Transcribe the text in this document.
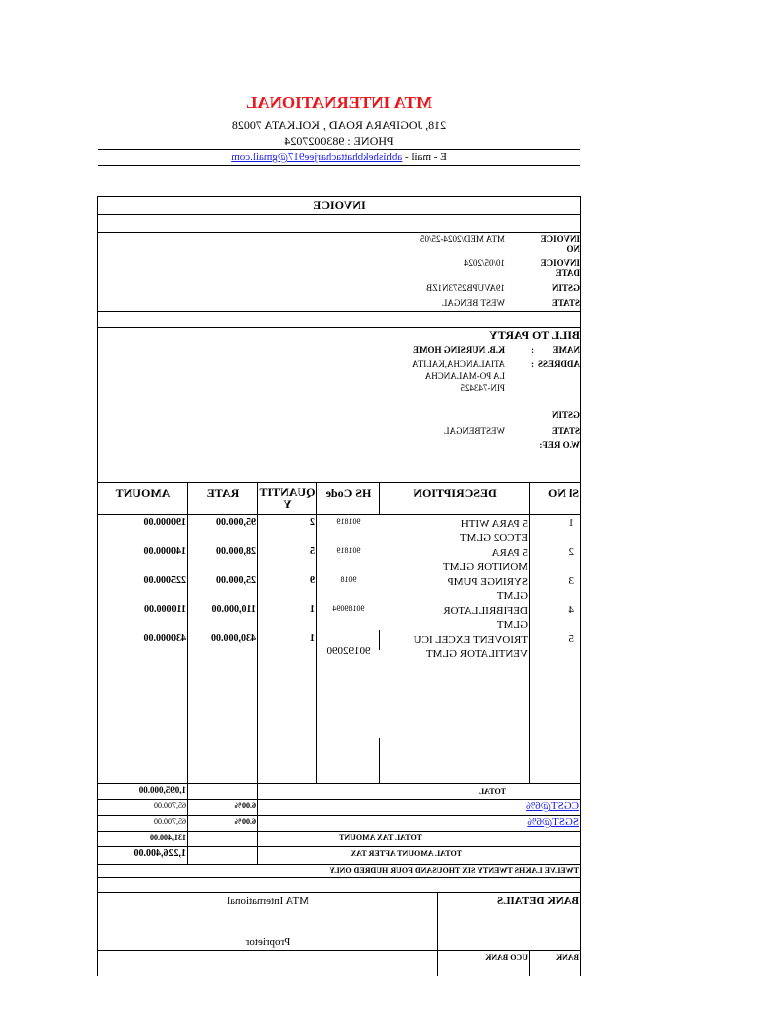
MTA INTERNATIONAL
218, JOGIPARA ROAD , KOLKATA 70028
PHONE : 9830027024
E - mail - abhishekbhattacharjee917@gmail.com
INVOICE
INVOICE
NO
MTA MED/2024-25/05
INVOICE
DATE
10/05/2024
GSTIN
19AVUPB2573N1ZB
STATE
WEST BENGAL
BILL TO PARTY
NAME
:
K.B. NURSING HOME
ADDRESS
:
ATIALANCHA,KALITA
LA PO-MALANCHA
PIN-743425
GSTIN
STATE
WESTBENGAL
W.O REF:
Sl NO
DESCRIPTION
HS Code
QUANTIT
Y
RATE
AMOUNT
1
5 PARA WITH
ETCO2 GLMT
901819
2
95,000.00
190000.00
2
5 PARA
MONITOR GLMT
901819
5
28,000.00
140000.00
3
SYRINGE PUMP
GLMT
9018
9
25,000.00
225000.00
4
DEFIBRILLATOR
GLMT
90189094
1
110,000.00
110000.00
5
TRIOVENT EXCEL ICU
VENTILATOR GLMT
90192090
1
430,000.00
430000.00
TOTAL
1,095,000.00
CGST@6%
6.00%
65,700.00
SGST@6%
6.00%
65,700.00
TOTAL TAX AMOUNT
131,400.00
TOTAL AMOUNT AFTER TAX
1,226,400.00
TWELVE LAKHS TWENTY SIX THOUSAND FOUR HUDRED ONLY
BANK DETAILS
MTA International
Proprietor
BANK
UCO BANK
